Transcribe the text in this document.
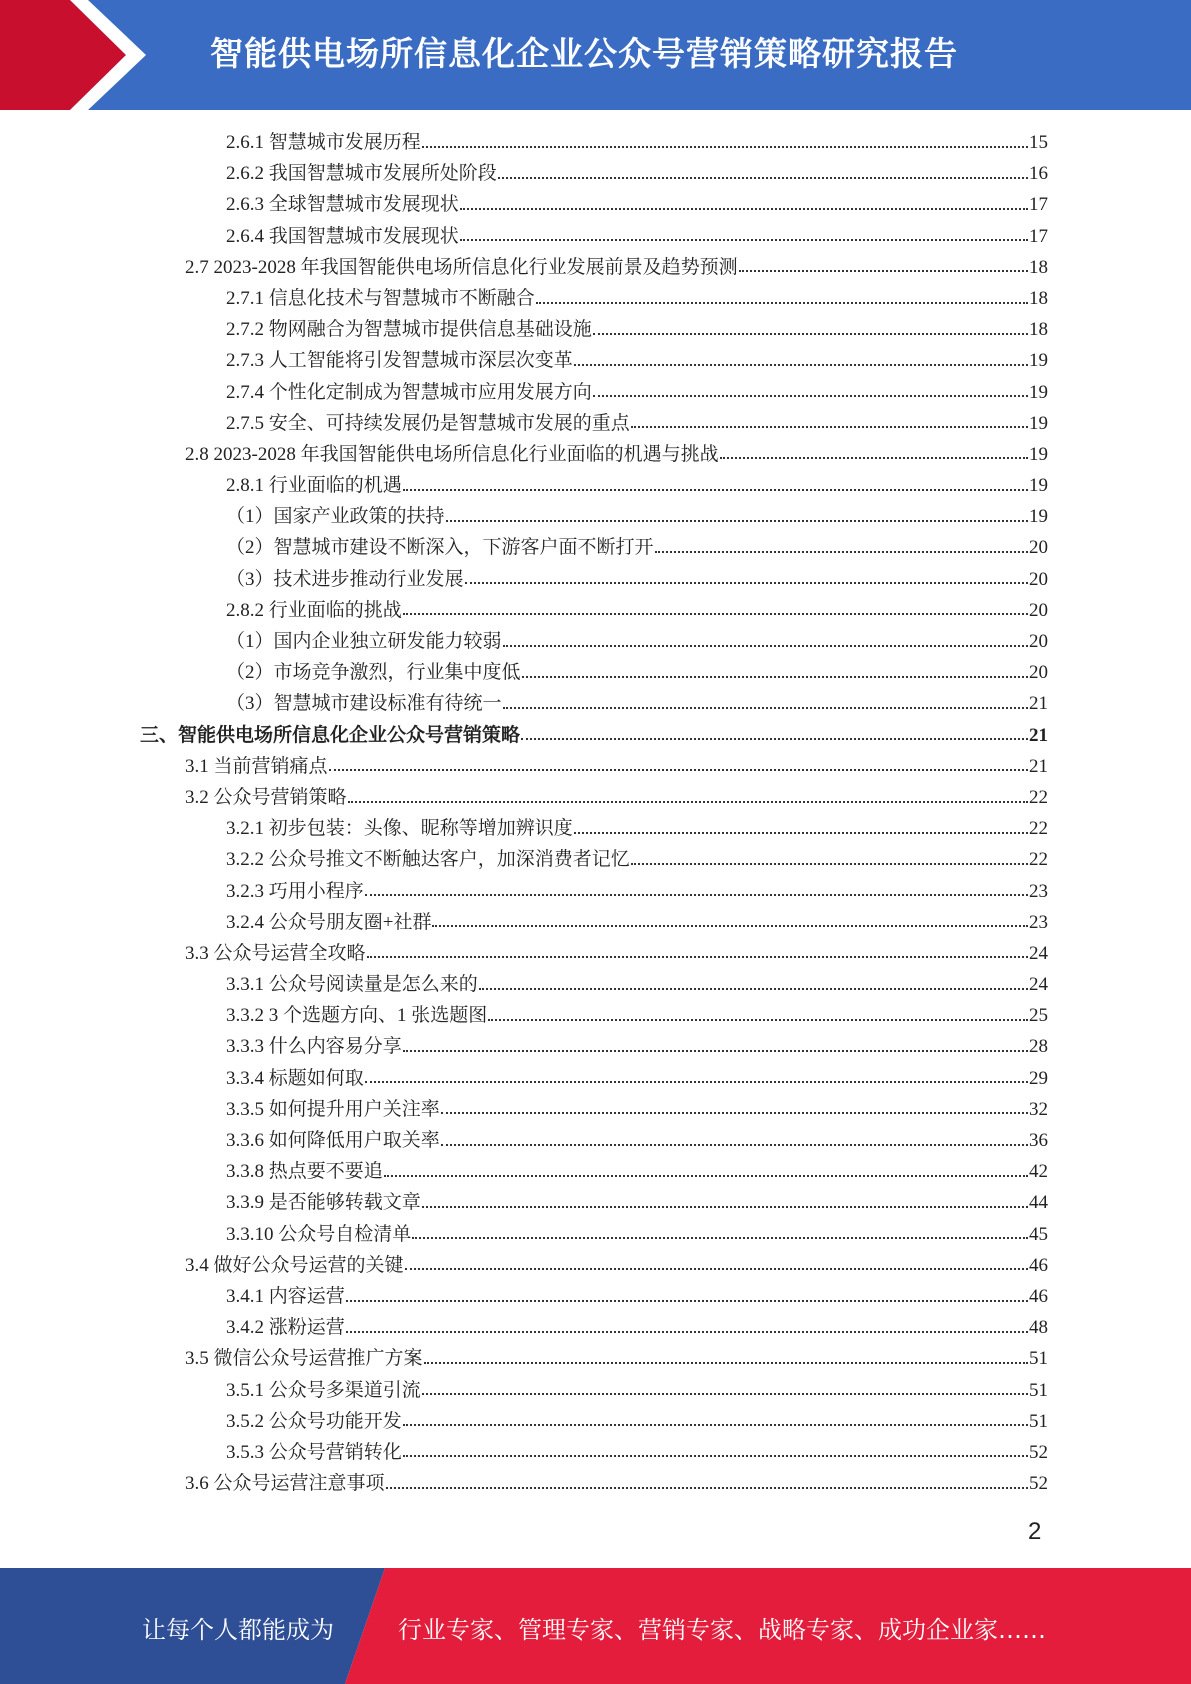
智能供电场所信息化企业公众号营销策略研究报告
2.6.1 智慧城市发展历程	15
2.6.2 我国智慧城市发展所处阶段	16
2.6.3 全球智慧城市发展现状	17
2.6.4 我国智慧城市发展现状	17
2.7 2023-2028 年我国智能供电场所信息化行业发展前景及趋势预测	18
2.7.1 信息化技术与智慧城市不断融合	18
2.7.2 物网融合为智慧城市提供信息基础设施	18
2.7.3 人工智能将引发智慧城市深层次变革	19
2.7.4 个性化定制成为智慧城市应用发展方向	19
2.7.5 安全、可持续发展仍是智慧城市发展的重点	19
2.8 2023-2028 年我国智能供电场所信息化行业面临的机遇与挑战	19
2.8.1 行业面临的机遇	19
（1）国家产业政策的扶持	19
（2）智慧城市建设不断深入，下游客户面不断打开	20
（3）技术进步推动行业发展	20
2.8.2 行业面临的挑战	20
（1）国内企业独立研发能力较弱	20
（2）市场竞争激烈，行业集中度低	20
（3）智慧城市建设标准有待统一	21
三、智能供电场所信息化企业公众号营销策略	21
3.1 当前营销痛点	21
3.2 公众号营销策略	22
3.2.1 初步包装：头像、昵称等增加辨识度	22
3.2.2 公众号推文不断触达客户，加深消费者记忆	22
3.2.3 巧用小程序	23
3.2.4 公众号朋友圈+社群	23
3.3 公众号运营全攻略	24
3.3.1 公众号阅读量是怎么来的	24
3.3.2 3 个选题方向、1 张选题图	25
3.3.3 什么内容易分享	28
3.3.4 标题如何取	29
3.3.5 如何提升用户关注率	32
3.3.6 如何降低用户取关率	36
3.3.8 热点要不要追	42
3.3.9 是否能够转载文章	44
3.3.10 公众号自检清单	45
3.4 做好公众号运营的关键	46
3.4.1 内容运营	46
3.4.2 涨粉运营	48
3.5 微信公众号运营推广方案	51
3.5.1 公众号多渠道引流	51
3.5.2 公众号功能开发	51
3.5.3 公众号营销转化	52
3.6 公众号运营注意事项	52
2
让每个人都能成为	行业专家、管理专家、营销专家、战略专家、成功企业家……
